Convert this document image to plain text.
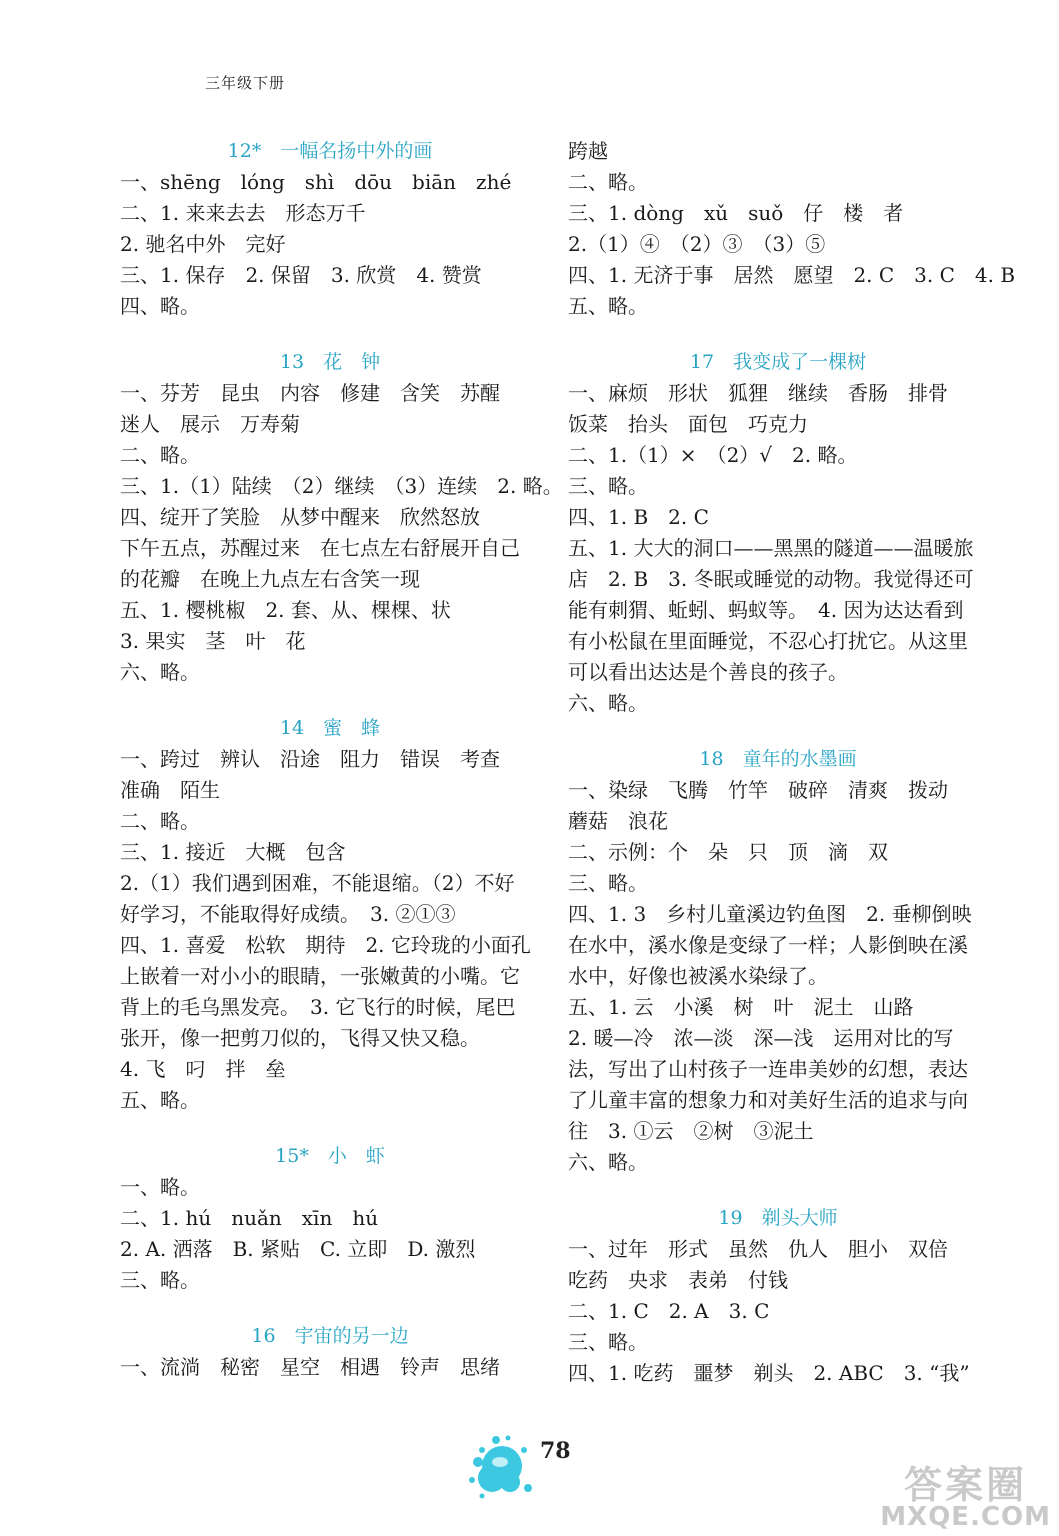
三年级下册
12*　一幅名扬中外的画
一、shēng　lóng　shì　dōu　biān　zhé
二、1. 来来去去　形态万千
2. 驰名中外　完好
三、1. 保存　2. 保留　3. 欣赏　4. 赞赏
四、略。
13　花　钟
一、芬芳　昆虫　内容　修建　含笑　苏醒
迷人　展示　万寿菊
二、略。
三、1.（1）陆续　（2）继续　（3）连续　2. 略。
四、绽开了笑脸　从梦中醒来　欣然怒放
下午五点，苏醒过来　在七点左右舒展开自己
的花瓣　在晚上九点左右含笑一现
五、1. 樱桃椒　2. 套、从、棵棵、状
3. 果实　茎　叶　花
六、略。
14　蜜　蜂
一、跨过　辨认　沿途　阻力　错误　考查
准确　陌生
二、略。
三、1. 接近　大概　包含
2.（1）我们遇到困难，不能退缩。（2）不好
好学习，不能取得好成绩。　3. ②①③
四、1. 喜爱　松软　期待　2. 它玲珑的小面孔
上嵌着一对小小的眼睛，一张嫩黄的小嘴。它
背上的毛乌黑发亮。　3. 它飞行的时候，尾巴
张开，像一把剪刀似的，飞得又快又稳。
4. 飞　叼　拌　垒
五、略。
15*　小　虾
一、略。
二、1. hú　nuǎn　xīn　hú
2. A. 洒落　B. 紧贴　C. 立即　D. 激烈
三、略。
16　宇宙的另一边
一、流淌　秘密　星空　相遇　铃声　思绪
跨越
二、略。
三、1. dòng　xǔ　suǒ　仔　楼　者
2.（1）④　（2）③　（3）⑤
四、1. 无济于事　居然　愿望　2. C　3. C　4. B
五、略。
17　我变成了一棵树
一、麻烦　形状　狐狸　继续　香肠　排骨
饭菜　抬头　面包　巧克力
二、1.（1）×　（2）√　2. 略。
三、略。
四、1. B　2. C
五、1. 大大的洞口——黑黑的隧道——温暖旅
店　2. B　3. 冬眠或睡觉的动物。我觉得还可
能有刺猬、蚯蚓、蚂蚁等。　4. 因为达达看到
有小松鼠在里面睡觉，不忍心打扰它。从这里
可以看出达达是个善良的孩子。
六、略。
18　童年的水墨画
一、染绿　飞腾　竹竿　破碎　清爽　拨动
蘑菇　浪花
二、示例：个　朵　只　顶　滴　双
三、略。
四、1. 3　乡村儿童溪边钓鱼图　2. 垂柳倒映
在水中，溪水像是变绿了一样；人影倒映在溪
水中，好像也被溪水染绿了。
五、1. 云　小溪　树　叶　泥土　山路
2. 暖—冷　浓—淡　深—浅　运用对比的写
法，写出了山村孩子一连串美妙的幻想，表达
了儿童丰富的想象力和对美好生活的追求与向
往　3. ①云　②树　③泥土
六、略。
19　剃头大师
一、过年　形式　虽然　仇人　胆小　双倍
吃药　央求　表弟　付钱
二、1. C　2. A　3. C
三、略。
四、1. 吃药　噩梦　剃头　2. ABC　3. “我”
78
答案圈
MXQE.COM
